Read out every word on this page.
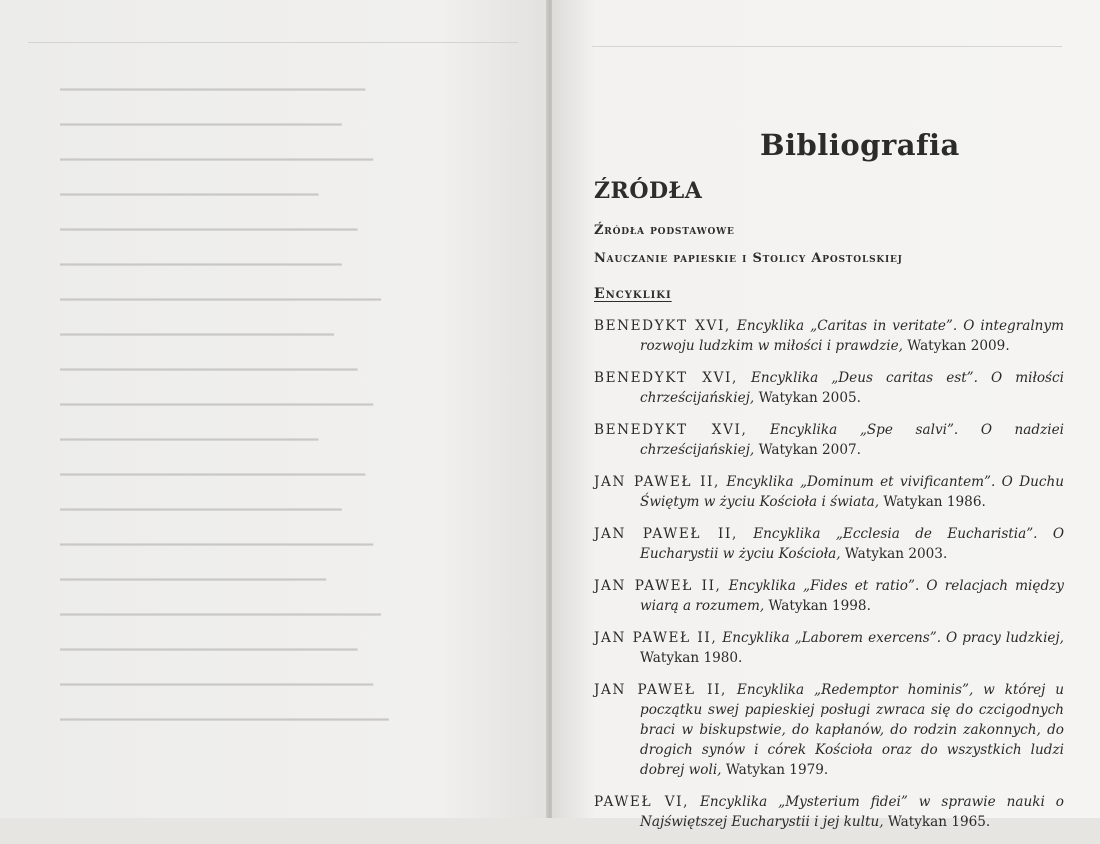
━━━━━━━━━━━━━━━━━━━━━━━━━━━━━━━━━━━━━━━
━━━━━━━━━━━━━━━━━━━━━━━━━━━━━━━━━━━━
━━━━━━━━━━━━━━━━━━━━━━━━━━━━━━━━━━━━━━━━
━━━━━━━━━━━━━━━━━━━━━━━━━━━━━━━━━
━━━━━━━━━━━━━━━━━━━━━━━━━━━━━━━━━━━━━━
━━━━━━━━━━━━━━━━━━━━━━━━━━━━━━━━━━━━
━━━━━━━━━━━━━━━━━━━━━━━━━━━━━━━━━━━━━━━━━
━━━━━━━━━━━━━━━━━━━━━━━━━━━━━━━━━━━
━━━━━━━━━━━━━━━━━━━━━━━━━━━━━━━━━━━━━━
━━━━━━━━━━━━━━━━━━━━━━━━━━━━━━━━━━━━━━━━
━━━━━━━━━━━━━━━━━━━━━━━━━━━━━━━━━
━━━━━━━━━━━━━━━━━━━━━━━━━━━━━━━━━━━━━━━
━━━━━━━━━━━━━━━━━━━━━━━━━━━━━━━━━━━━
━━━━━━━━━━━━━━━━━━━━━━━━━━━━━━━━━━━━━━━━
━━━━━━━━━━━━━━━━━━━━━━━━━━━━━━━━━━
━━━━━━━━━━━━━━━━━━━━━━━━━━━━━━━━━━━━━━━━━
━━━━━━━━━━━━━━━━━━━━━━━━━━━━━━━━━━━━━━
━━━━━━━━━━━━━━━━━━━━━━━━━━━━━━━━━━━━━━━━
━━━━━━━━━━━━━━━━━━━━━━━━━━━━━━━━━━━━━━━━━━
Bibliografia
ŹRÓDŁA
Źródła podstawowe
Nauczanie papieskie i Stolicy Apostolskiej
Encykliki

BENEDYKT XVI, Encyklika „Caritas in veritate”. O integralnym rozwoju ludzkim w miłości i prawdzie, Watykan 2009.

BENEDYKT XVI, Encyklika „Deus caritas est”. O miłości chrześcijańskiej, Watykan 2005.

BENEDYKT XVI, Encyklika „Spe salvi”. O nadziei chrześcijańskiej, Watykan 2007.

JAN PAWEŁ II, Encyklika „Dominum et vivificantem”. O Duchu Świętym w życiu Kościoła i świata, Watykan 1986.

JAN PAWEŁ II, Encyklika „Ecclesia de Eucharistia”. O Eucharystii w życiu Kościoła, Watykan 2003.

JAN PAWEŁ II, Encyklika „Fides et ratio”. O relacjach między wiarą a rozumem, Watykan 1998.

JAN PAWEŁ II, Encyklika „Laborem exercens”. O pracy ludzkiej, Watykan 1980.

JAN PAWEŁ II, Encyklika „Redemptor hominis”, w której u początku swej papieskiej posługi zwraca się do czcigodnych braci w biskupstwie, do kapłanów, do rodzin zakonnych, do drogich synów i córek Kościoła oraz do wszystkich ludzi dobrej woli, Watykan 1979.

PAWEŁ VI, Encyklika „Mysterium fidei” w sprawie nauki o Najświętszej Eucharystii i jej kultu, Watykan 1965.
